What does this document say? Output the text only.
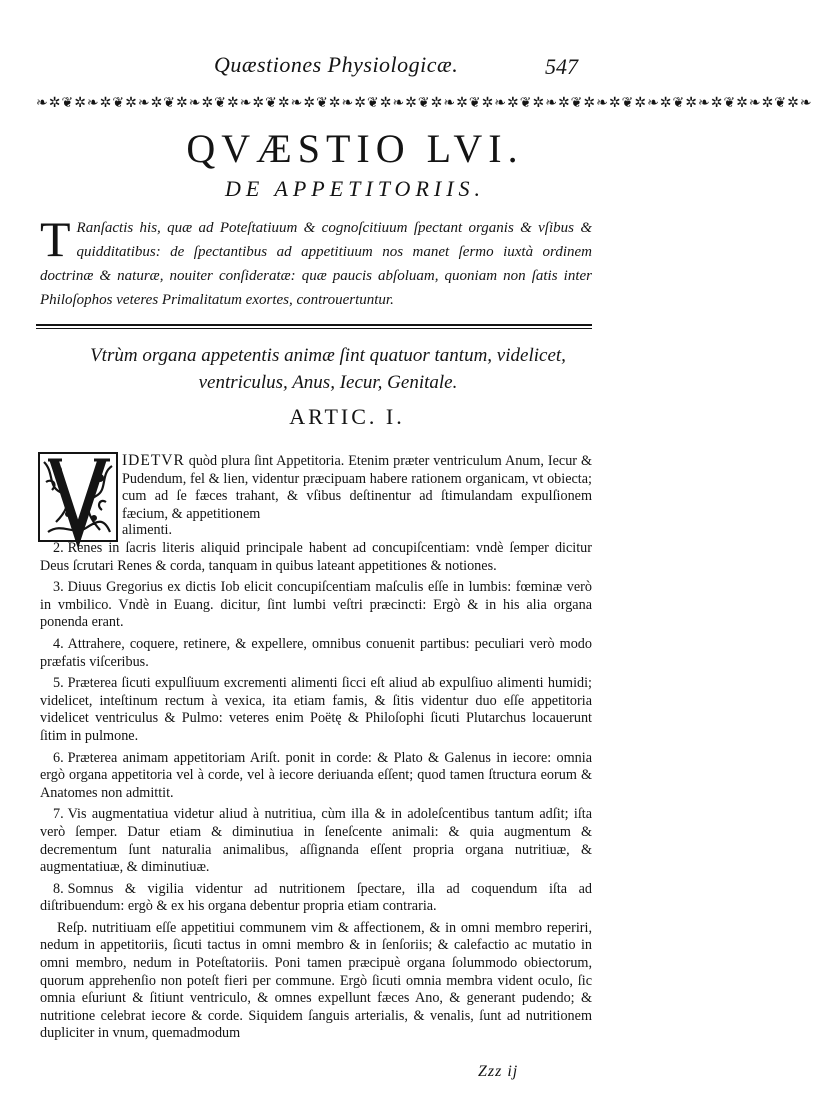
Quæstiones Physiologicæ.	547
❧✲❦✲❧✲❦✲❧✲❦✲❧✲❦✲❧✲❦✲❧✲❦✲❧✲❦✲❧✲❦✲❧✲❦✲❧✲❦✲❧✲❦✲❧✲❦✲❧✲❦✲❧✲❦✲❧✲❦✲❧
QVÆSTIO LVI.
DE APPETITORIIS.
T Ranſactis his, quæ ad Poteſtatiuum & cognoſcitiuum ſpectant organis & vſibus & quidditatibus: de ſpectantibus ad appetitiuum nos manet ſermo iuxtà ordinem doctrinæ & naturæ, nouiter conſideratæ: quæ paucis abſoluam, quoniam non ſatis inter Philoſophos veteres Primalitatum exortes, controuertuntur.
Vtrùm organa appetentis animæ ſint quatuor tantum, videlicet, ventriculus, Anus, Iecur, Genitale.
ARTIC. I.
IDETVR quòd plura ſint Appetitoria. Etenim præter ventriculum Anum, Iecur & Pudendum, fel & lien, videntur præcipuam habere rationem organicam, vt obiecta; cum ad ſe fæces trahant, & vſibus deſtinentur ad ſtimulandam expulſionem fæcium, & appetitionem
alimenti.

2. Renes in ſacris literis aliquid principale habent ad concupiſcentiam: vndè ſemper dicitur Deus ſcrutari Renes & corda, tanquam in quibus lateant appetitiones & notiones.

3. Diuus Gregorius ex dictis Iob elicit concupiſcentiam maſculis eſſe in lumbis: fœminæ verò in vmbilico. Vndè in Euang. dicitur, ſint lumbi veſtri præcincti: Ergò & in his alia organa ponenda erant.

4. Attrahere, coquere, retinere, & expellere, omnibus conuenit partibus: peculiari verò modo præfatis viſceribus.

5. Præterea ſicuti expulſiuum excrementi alimenti ſicci eſt aliud ab expulſiuo alimenti humidi; videlicet, inteſtinum rectum à vexica, ita etiam famis, & ſitis videntur duo eſſe appetitoria videlicet ventriculus & Pulmo: veteres enim Poëtę & Philoſophi ſicuti Plutarchus locauerunt ſitim in pulmone.

6. Præterea animam appetitoriam Ariſt. ponit in corde: & Plato & Galenus in iecore: omnia ergò organa appetitoria vel à corde, vel à iecore deriuanda eſſent; quod tamen ſtructura eorum & Anatomes non admittit.

7. Vis augmentatiua videtur aliud à nutritiua, cùm illa & in adoleſcentibus tantum adſit; iſta verò ſemper. Datur etiam & diminutiua in ſeneſcente animali: & quia augmentum & decrementum ſunt naturalia animalibus, aſſignanda eſſent propria organa nutritiuæ, & augmentatiuæ, & diminutiuæ.

8. Somnus & vigilia videntur ad nutritionem ſpectare, illa ad coquendum iſta ad diſtribuendum: ergò & ex his organa debentur propria etiam contraria.

Reſp. nutritiuam eſſe appetitiui communem vim & affectionem, & in omni membro reperiri, nedum in appetitoriis, ſicuti tactus in omni membro & in ſenſoriis; & calefactio ac mutatio in omni membro, nedum in Poteſtatoriis. Poni tamen præcipuè organa ſolummodo obiectorum, quorum apprehenſio non poteſt fieri per commune. Ergò ſicuti omnia membra vident oculo, ſic omnia eſuriunt & ſitiunt ventriculo, & omnes expellunt fæces Ano, & generant pudendo; & nutritione celebrat iecore & corde. Siquidem ſanguis arterialis, & venalis, ſunt ad nutritionem dupliciter in vnum, quemadmodum

Zzz ij
